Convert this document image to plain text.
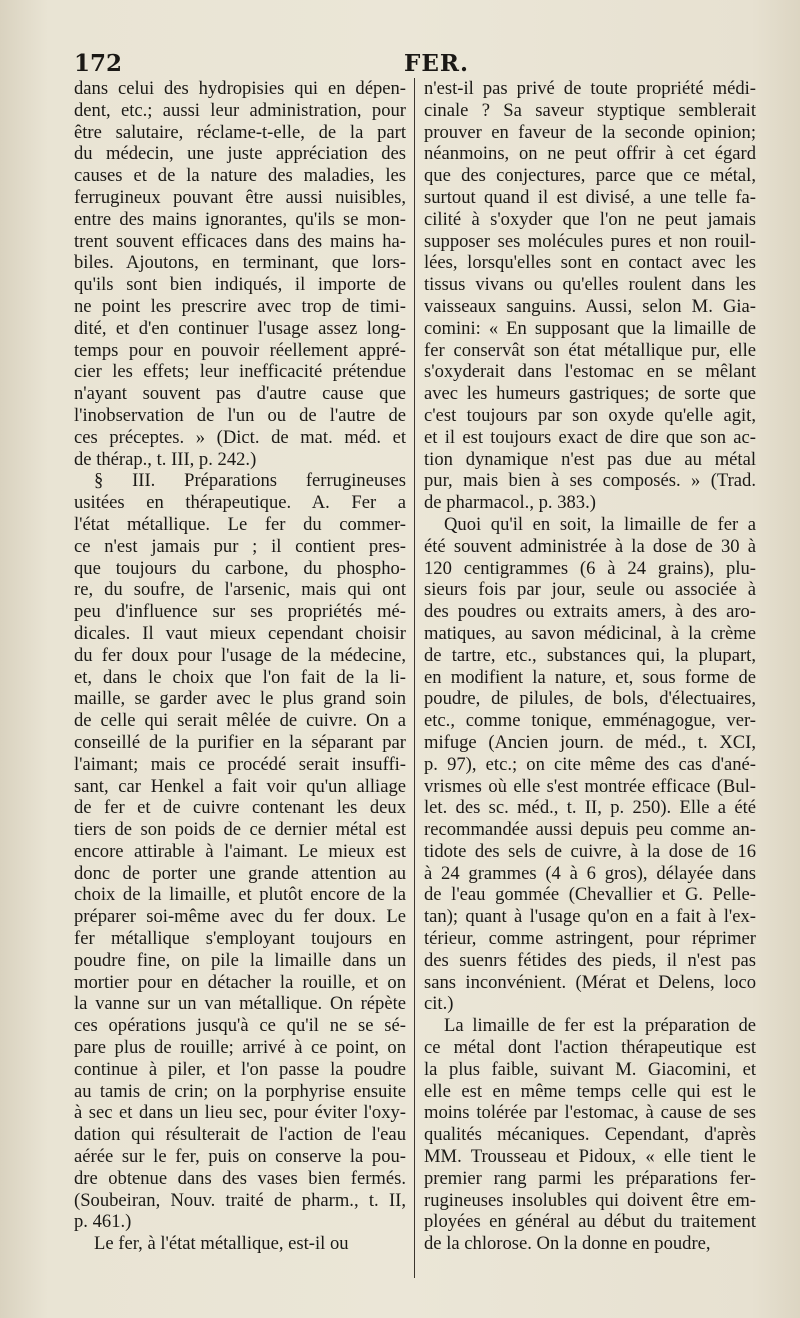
172	FER.
dans celui des hydropisies qui en dépen-
dent, etc.; aussi leur administration, pour
être salutaire, réclame-t-elle, de la part
du médecin, une juste appréciation des
causes et de la nature des maladies, les
ferrugineux pouvant être aussi nuisibles,
entre des mains ignorantes, qu'ils se mon-
trent souvent efficaces dans des mains ha-
biles. Ajoutons, en terminant, que lors-
qu'ils sont bien indiqués, il importe de
ne point les prescrire avec trop de timi-
dité, et d'en continuer l'usage assez long-
temps pour en pouvoir réellement appré-
cier les effets; leur inefficacité prétendue
n'ayant souvent pas d'autre cause que
l'inobservation de l'un ou de l'autre de
ces préceptes. » (Dict. de mat. méd. et
de thérap., t. III, p. 242.)
§ III. Préparations ferrugineuses
usitées en thérapeutique. A. Fer a
l'état métallique. Le fer du commer-
ce n'est jamais pur ; il contient pres-
que toujours du carbone, du phospho-
re, du soufre, de l'arsenic, mais qui ont
peu d'influence sur ses propriétés mé-
dicales. Il vaut mieux cependant choisir
du fer doux pour l'usage de la médecine,
et, dans le choix que l'on fait de la li-
maille, se garder avec le plus grand soin
de celle qui serait mêlée de cuivre. On a
conseillé de la purifier en la séparant par
l'aimant; mais ce procédé serait insuffi-
sant, car Henkel a fait voir qu'un alliage
de fer et de cuivre contenant les deux
tiers de son poids de ce dernier métal est
encore attirable à l'aimant. Le mieux est
donc de porter une grande attention au
choix de la limaille, et plutôt encore de la
préparer soi-même avec du fer doux. Le
fer métallique s'employant toujours en
poudre fine, on pile la limaille dans un
mortier pour en détacher la rouille, et on
la vanne sur un van métallique. On répète
ces opérations jusqu'à ce qu'il ne se sé-
pare plus de rouille; arrivé à ce point, on
continue à piler, et l'on passe la poudre
au tamis de crin; on la porphyrise ensuite
à sec et dans un lieu sec, pour éviter l'oxy-
dation qui résulterait de l'action de l'eau
aérée sur le fer, puis on conserve la pou-
dre obtenue dans des vases bien fermés.
(Soubeiran, Nouv. traité de pharm., t. II,
p. 461.)
Le fer, à l'état métallique, est-il ou
n'est-il pas privé de toute propriété médi-
cinale ? Sa saveur styptique semblerait
prouver en faveur de la seconde opinion;
néanmoins, on ne peut offrir à cet égard
que des conjectures, parce que ce métal,
surtout quand il est divisé, a une telle fa-
cilité à s'oxyder que l'on ne peut jamais
supposer ses molécules pures et non rouil-
lées, lorsqu'elles sont en contact avec les
tissus vivans ou qu'elles roulent dans les
vaisseaux sanguins. Aussi, selon M. Gia-
comini: « En supposant que la limaille de
fer conservât son état métallique pur, elle
s'oxyderait dans l'estomac en se mêlant
avec les humeurs gastriques; de sorte que
c'est toujours par son oxyde qu'elle agit,
et il est toujours exact de dire que son ac-
tion dynamique n'est pas due au métal
pur, mais bien à ses composés. » (Trad.
de pharmacol., p. 383.)
Quoi qu'il en soit, la limaille de fer a
été souvent administrée à la dose de 30 à
120 centigrammes (6 à 24 grains), plu-
sieurs fois par jour, seule ou associée à
des poudres ou extraits amers, à des aro-
matiques, au savon médicinal, à la crème
de tartre, etc., substances qui, la plupart,
en modifient la nature, et, sous forme de
poudre, de pilules, de bols, d'électuaires,
etc., comme tonique, emménagogue, ver-
mifuge (Ancien journ. de méd., t. XCI,
p. 97), etc.; on cite même des cas d'ané-
vrismes où elle s'est montrée efficace (Bul-
let. des sc. méd., t. II, p. 250). Elle a été
recommandée aussi depuis peu comme an-
tidote des sels de cuivre, à la dose de 16
à 24 grammes (4 à 6 gros), délayée dans
de l'eau gommée (Chevallier et G. Pelle-
tan); quant à l'usage qu'on en a fait à l'ex-
térieur, comme astringent, pour réprimer
des suenrs fétides des pieds, il n'est pas
sans inconvénient. (Mérat et Delens, loco
cit.)
La limaille de fer est la préparation de
ce métal dont l'action thérapeutique est
la plus faible, suivant M. Giacomini, et
elle est en même temps celle qui est le
moins tolérée par l'estomac, à cause de ses
qualités mécaniques. Cependant, d'après
MM. Trousseau et Pidoux, « elle tient le
premier rang parmi les préparations fer-
rugineuses insolubles qui doivent être em-
ployées en général au début du traitement
de la chlorose. On la donne en poudre,
